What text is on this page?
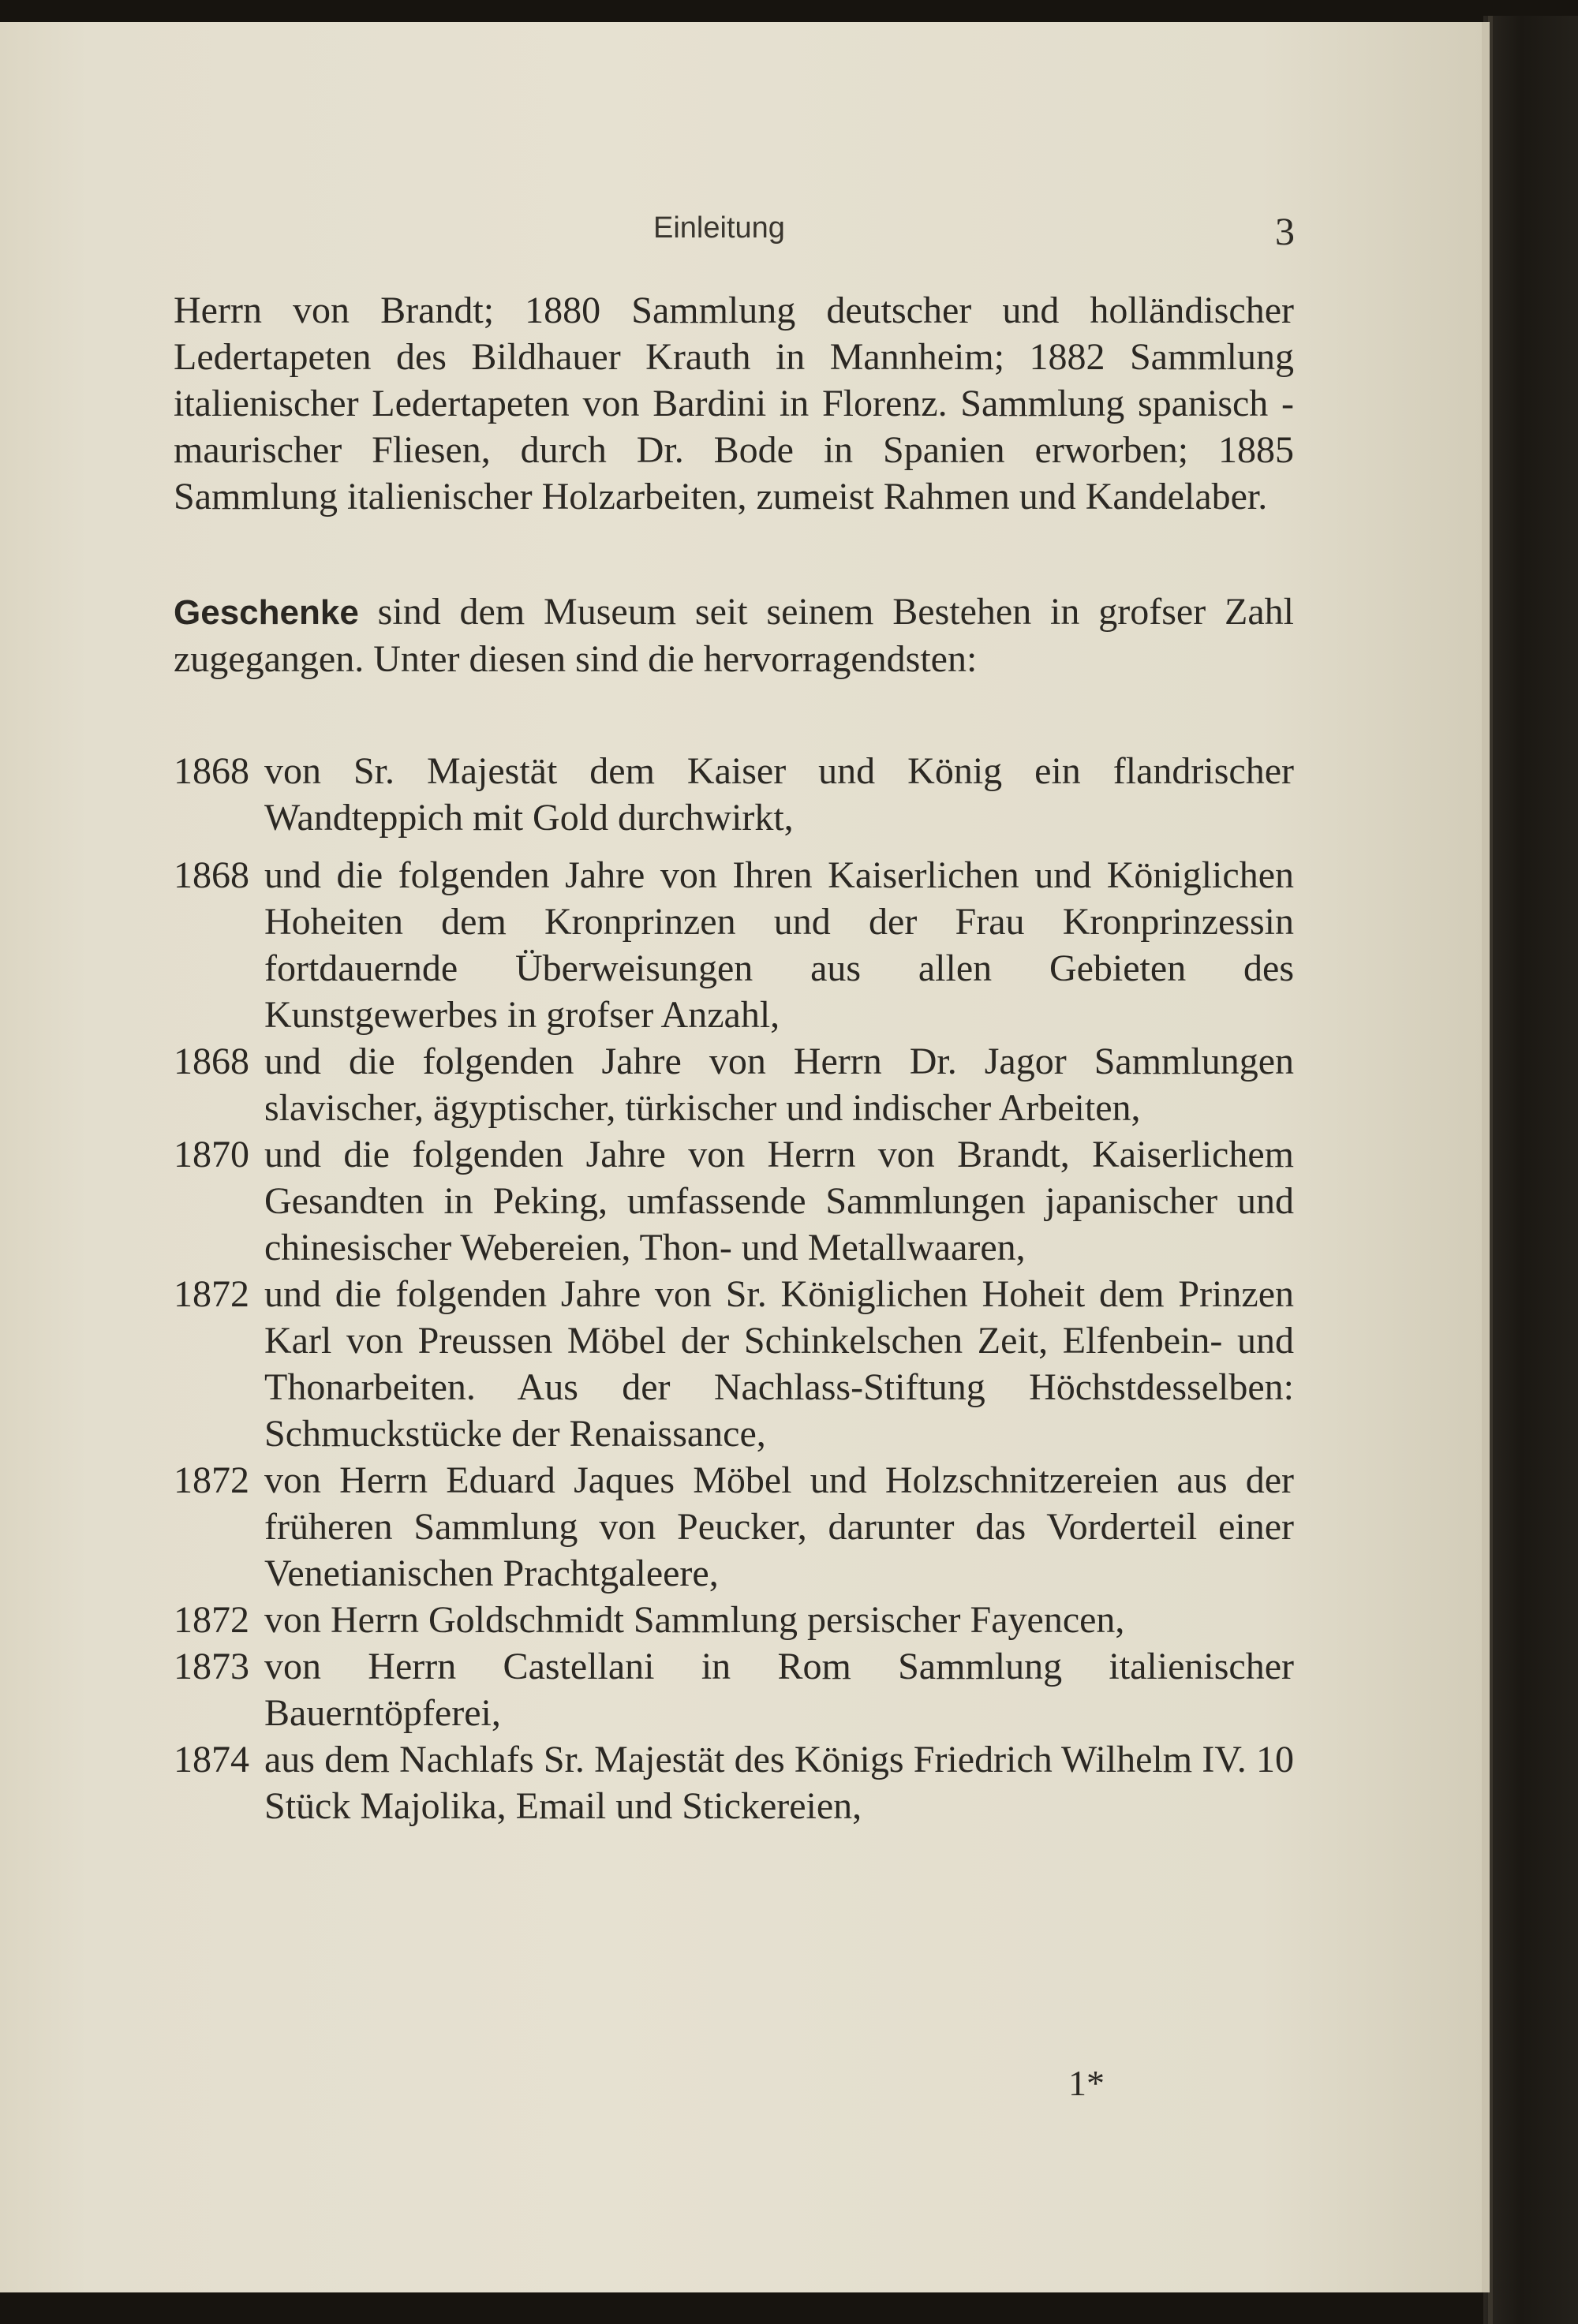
Einleitung	3

Herrn von Brandt; 1880 Sammlung deutscher und holländischer Ledertapeten des Bildhauer Krauth in Mannheim; 1882 Sammlung italienischer Ledertapeten von Bardini in Florenz. Sammlung spanisch - maurischer Fliesen, durch Dr. Bode in Spanien erworben; 1885 Sammlung italienischer Holzarbeiten, zumeist Rahmen und Kandelaber.

Geschenke sind dem Museum seit seinem Bestehen in grofser Zahl zugegangen. Unter diesen sind die hervorragendsten:

1868 von Sr. Majestät dem Kaiser und König ein flandrischer Wandteppich mit Gold durchwirkt,
1868 und die folgenden Jahre von Ihren Kaiserlichen und Königlichen Hoheiten dem Kronprinzen und der Frau Kronprinzessin fortdauernde Überweisungen aus allen Gebieten des Kunstgewerbes in grofser Anzahl,
1868 und die folgenden Jahre von Herrn Dr. Jagor Sammlungen slavischer, ägyptischer, türkischer und indischer Arbeiten,
1870 und die folgenden Jahre von Herrn von Brandt, Kaiserlichem Gesandten in Peking, umfassende Sammlungen japanischer und chinesischer Webereien, Thon- und Metallwaaren,
1872 und die folgenden Jahre von Sr. Königlichen Hoheit dem Prinzen Karl von Preussen Möbel der Schinkelschen Zeit, Elfenbein- und Thonarbeiten. Aus der Nachlass-Stiftung Höchstdesselben: Schmuckstücke der Renaissance,
1872 von Herrn Eduard Jaques Möbel und Holzschnitzereien aus der früheren Sammlung von Peucker, darunter das Vorderteil einer Venetianischen Prachtgaleere,
1872 von Herrn Goldschmidt Sammlung persischer Fayencen,
1873 von Herrn Castellani in Rom Sammlung italienischer Bauerntöpferei,
1874 aus dem Nachlafs Sr. Majestät des Königs Friedrich Wilhelm IV. 10 Stück Majolika, Email und Stickereien,
1*
